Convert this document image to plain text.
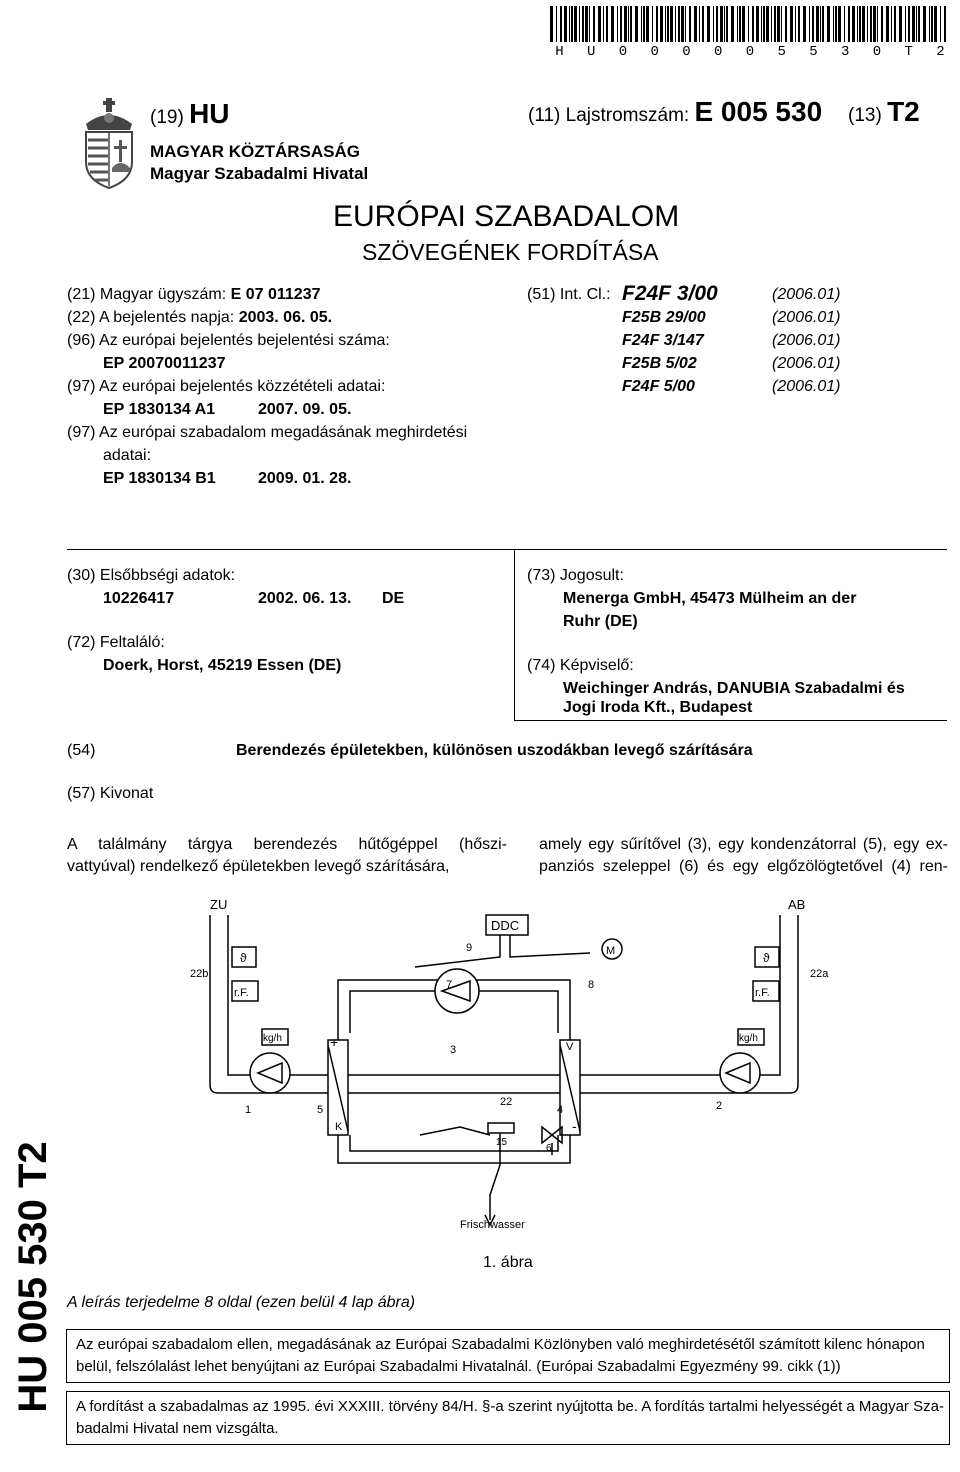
H U 0 0 0 0 0 5 5 3 0 T 2
(19) HU	(11) Lajstromszám: E 005 530 (13) T2
MAGYAR KÖZTÁRSASÁG
Magyar Szabadalmi Hivatal
EURÓPAI SZABADALOM
SZÖVEGÉNEK FORDÍTÁSA
(21) Magyar ügyszám: E 07 011237
(22) A bejelentés napja: 2003. 06. 05.
(96) Az európai bejelentés bejelentési száma:
EP 20070011237
(97) Az európai bejelentés közzétételi adatai:
EP 1830134 A1	2007. 09. 05.
(97) Az európai szabadalom megadásának meghirdetési
adatai:
EP 1830134 B1	2009. 01. 28.
(51) Int. Cl.: F24F 3/00	(2006.01)
F25B 29/00	(2006.01)
F24F 3/147	(2006.01)
F25B 5/02	(2006.01)
F24F 5/00	(2006.01)
(30) Elsőbbségi adatok:
10226417	2002. 06. 13. DE
(72) Feltaláló:
Doerk, Horst, 45219 Essen (DE)
(73) Jogosult:
Menerga GmbH, 45473 Mülheim an der
Ruhr (DE)
(74) Képviselő:
Weichinger András, DANUBIA Szabadalmi és
Jogi Iroda Kft., Budapest
(54)	Berendezés épületekben, különösen uszodákban levegő szárítására
(57) Kivonat
A találmány tárgya berendezés hűtőgéppel (hőszi-
vattyúval) rendelkező épületekben levegő szárítására,
amely egy sűrítővel (3), egy kondenzátorral (5), egy ex-
panziós szeleppel (6) és egy elgőzölögtetővel (4) ren-
ϑ
r.F.
kg/h
ϑ
r.F.
kg/h
+
K
V
-
DDC
M
ZU	AB
22b	22a
9
7	8
3
1	2
5	4
22
15
6
Frischwasser
1. ábra
HU 005 530 T2 A leírás terjedelme 8 oldal (ezen belül 4 lap ábra)
Az európai szabadalom ellen, megadásának az Európai Szabadalmi Közlönyben való meghirdetésétől számított kilenc hónapon
belül, felszólalást lehet benyújtani az Európai Szabadalmi Hivatalnál. (Európai Szabadalmi Egyezmény 99. cikk (1))
A fordítást a szabadalmas az 1995. évi XXXIII. törvény 84/H. §-a szerint nyújtotta be. A fordítás tartalmi helyességét a Magyar Sza-
badalmi Hivatal nem vizsgálta.
